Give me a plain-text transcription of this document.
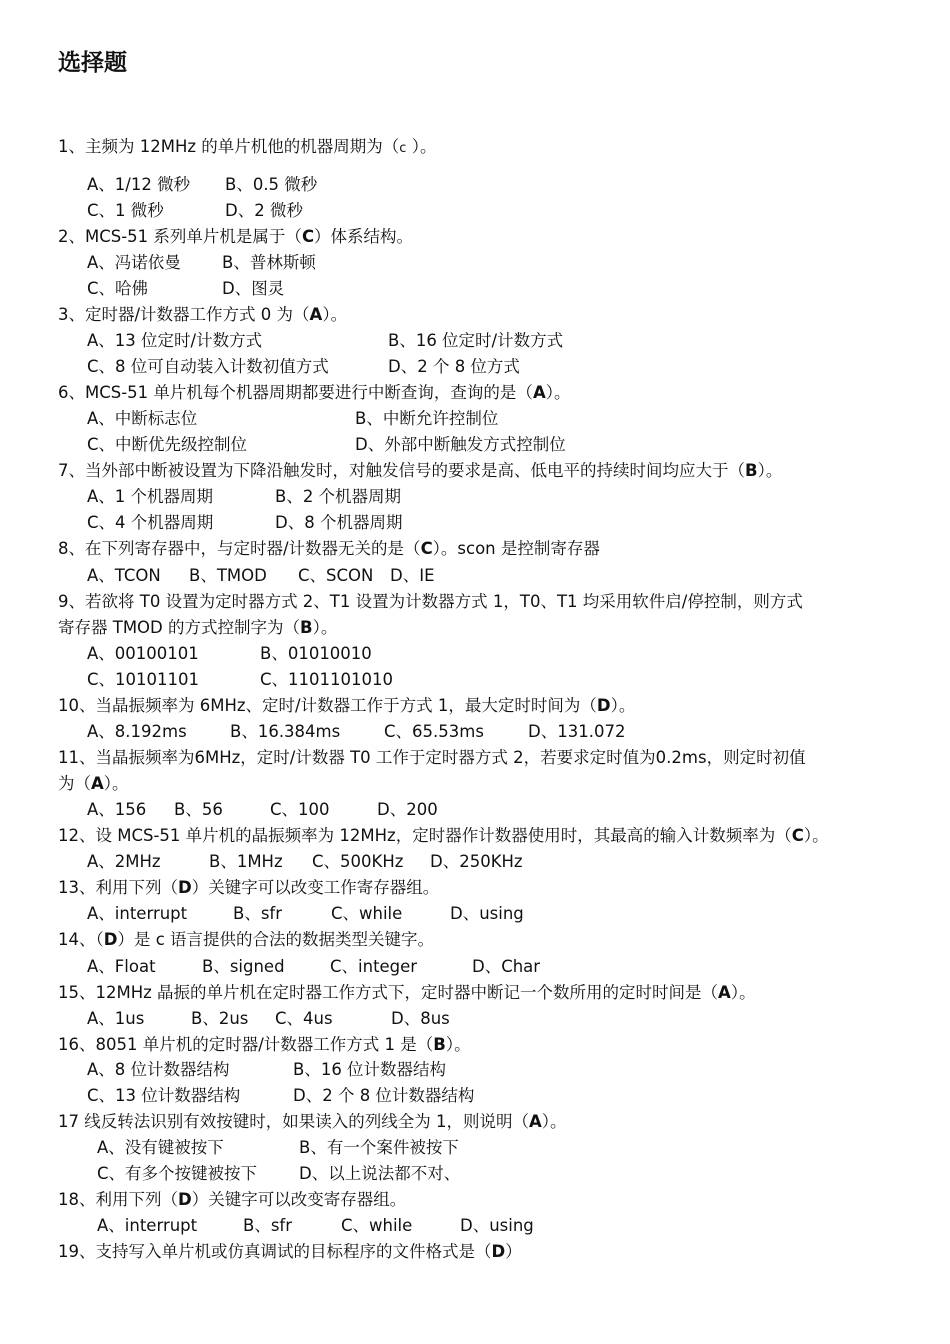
选择题
1、主频为 12MHz 的单片机他的机器周期为（c ）。
A、1/12 微秒 B、0.5 微秒
C、1 微秒	D、2 微秒
2、MCS-51 系列单片机是属于（C）体系结构。
A、冯诺依曼 B、普林斯顿
C、哈佛	D、图灵
3、定时器/计数器工作方式 0 为（A）。
A、13 位定时/计数方式	B、16 位定时/计数方式
C、8 位可自动装入计数初值方式	D、2 个 8 位方式
6、MCS-51 单片机每个机器周期都要进行中断查询，查询的是（A）。
A、中断标志位	B、中断允许控制位
C、中断优先级控制位	D、外部中断触发方式控制位
7、当外部中断被设置为下降沿触发时，对触发信号的要求是高、低电平的持续时间均应大于（B）。
A、1 个机器周期	B、2 个机器周期
C、4 个机器周期	D、8 个机器周期
8、在下列寄存器中，与定时器/计数器无关的是（C）。scon 是控制寄存器
A、TCON B、TMOD C、SCON D、IE
9、若欲将 T0 设置为定时器方式 2、T1 设置为计数器方式 1，T0、T1 均采用软件启/停控制，则方式
寄存器 TMOD 的方式控制字为（B）。
A、00100101	B、01010010
C、10101101	C、1101101010
10、当晶振频率为 6MHz、定时/计数器工作于方式 1，最大定时时间为（D）。
A、8.192ms	B、16.384ms	C、65.53ms	D、131.072
11、当晶振频率为6MHz，定时/计数器 T0 工作于定时器方式 2，若要求定时值为0.2ms，则定时初值
为（A）。
A、156 B、56	C、100	D、200
12、设 MCS-51 单片机的晶振频率为 12MHz，定时器作计数器使用时，其最高的输入计数频率为（C）。
A、2MHz	B、1MHz C、500KHz D、250KHz
13、利用下列（D）关键字可以改变工作寄存器组。
A、interrupt	B、sfr	C、while	D、using
14、（D）是 c 语言提供的合法的数据类型关键字。
A、Float	B、signed	C、integer	D、Char
15、12MHz 晶振的单片机在定时器工作方式下，定时器中断记一个数所用的定时时间是（A）。
A、1us	B、2us C、4us	D、8us
16、8051 单片机的定时器/计数器工作方式 1 是（B）。
A、8 位计数器结构	B、16 位计数器结构
C、13 位计数器结构	D、2 个 8 位计数器结构
17 线反转法识别有效按键时，如果读入的列线全为 1，则说明（A）。
A、没有键被按下	B、有一个案件被按下
C、有多个按键被按下	D、以上说法都不对、
18、利用下列（D）关键字可以改变寄存器组。
A、interrupt	B、sfr	C、while	D、using
19、支持写入单片机或仿真调试的目标程序的文件格式是（D）
